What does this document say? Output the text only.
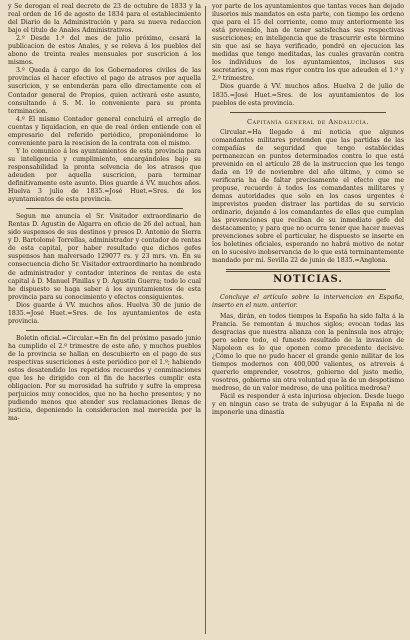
y Se derogan el real decreto de 23 de octubre de 1833 y la real orden de 16 de agosto de 1834 para el establecimiento del Diario de la Administración y para su nueva redaccion bajo el título de Anales Administrativos.

2.º Desde 1.º del mes de julio próximo, cesará la publicacion de estos Anales, y se releva á los pueblos del abono de treinta reales mensuales por suscricion á los mismos.

3.º Queda á cargo de los Gobernadores civiles de las provincias el hacer efectivo el pago de atrasos por aquella suscricion, y se entenderán para ello directamente con el Contador general de Propios, quien activará este asunto, consultando á S. M. lo conveniente para su pronta terminacion.

4.º El mismo Contador general concluirá el arreglo de cuentas y liquidacion, en que de real órden entiende con el empresario del referido periódico, proponiéndome lo conveniente para la rescision de la contrata con el mismo.

Y lo comunico á los ayuntamientos de esta provincia para su inteligencia y cumplimiento, encargándoles bajo su responsabilidad la pronta solvencia de los atrasos que adeuden por aquella suscricion, para terminar definitivamente este asunto. Dios guarde á VV. muchos años. Huelva 3 julio de 1835.=José Huet.=Sres. de los ayuntamientos de esta provincia.

Segun me anuncia el Sr. Visitador extraordinario de Rentas D. Agustin de Algarra en oficio de 26 del actual, han sido suspensos de sus destinos y presos D. Antonio de Sierra y D. Bartolomé Torrellas, administrador y contador de rentas de esta capital, por haber resultado que dichos gefes suspensos han malversado 129077 rs. y 23 mrs. vn. En su consecuencia dicho Sr. Visitador extraordinario ha nombrado de administrador y contador interinos de rentas de esta capital á D. Manuel Pinillas y D. Agustin Guerra; todo lo cual he dispuesto se haga saber á los ayuntamientos de esta provincia para su conocimiento y efectos consiguientes.

Dios guarde á VV. muchos años. Huelva 30 de junio de 1835.=José Huet.=Sres. de los ayuntamientos de esta provincia.

Boletin oficial.=Circular.=En fin del próximo pasado junio ha cumplido el 2.º trimestre de este año, y muchos pueblos de la provincia se hallan en descubierto en el pago de sus respectivas suscriciones á este periódico por el 1.º; habiendo estos desatendido los repetidos recuerdos y conminaciones que les he dirigido con el fin de hacerles cumplir esta obligacion. Por su morosidad ha sufrido y sufre la empresa perjuicios muy conocidos, que no ha hecho presentes; y no pudiendo menos que atender sus reclamaciones llenas de justicia, deponiendo la consideracion mal merecida por la ma-

yor parte de los ayuntamientos que tantas veces han dejado ilusorios mis mandatos en esta parte, con tiempo les ordeno que para el 15 del corriente, como muy anteriormente les está prevenido, han de tener satisfechas sus respectivas suscriciones; en inteligencia que de trascurrir este término sin que así se haya verificado, pondré en ejecucion las medidas que tengo meditadas, las cuales gravarán contra los individuos de los ayuntamientos, inclusos sus secretarios, y con mas rigor contra los que adeuden el 1.º y 2.º trimestre.

Dios guarde á VV. muchos años. Huelva 2 de julio de 1835.=José Huet.=Sres. de los ayuntamientos de los pueblos de esta provincia.

Capitanía general de Andalucía.

Circular.=Ha llegado á mi noticia que algunos comandantes militares pretenden que las partidas de las compañías de seguridad que tengo establecidas permanezcan en puntos determinados contra lo que está prevenido en el artículo 28 de la instruccion que les tengo dada en 19 de noviembre del año último, y como se verificaria ha de faltar precisamente el efecto que me propuse, recuerdo á todos los comandantes militares y demas autoridades que solo en los casos urgentes é imprevistos pueden distraer las partidas de su servicio ordinario, dejando á los comandantes de ellas que cumplan las prevenciones que reciban de su inmediato gefe del destacamento; y para que no ocurra tener que hacer nuevas prevenciones sobre el particular, he dispuesto se inserte en los boletines oficiales, esperando no habrá motivo de notar en lo sucesivo inobservancia de lo que está terminantemente mandado por mí. Sevilla 22 de junio de 1835.=Anglona.

NOTICIAS.

Concluye el artículo sobre la intervencion en España, inserto en el num. anterior.

Mas, dirán, en todos tiempos la España ha sido falta á la Francia. Se remontan á muchos siglos; evocan todas las desgracias que nuestra alianza con la península nos atrajo; pero sobre todo, el funesto resultado de la invasion de Napoleon es lo que oponen como precedente decisivo. ¿Cómo lo que no pudo hacer el grande genio militar de los tiempos modernos con 400,000 valientes, os atreveis á quererlo emprender, vosotros, gobierno del justo medio, vosotros, gobierno sin otra voluntad que la de un despotismo medroso, de un valor medroso, de una política medrosa?

Fácil es responder á esta injuriosa objecion. Desde luego y en ningun caso se trata de subyugar á la España ni de imponerle una dinastía
